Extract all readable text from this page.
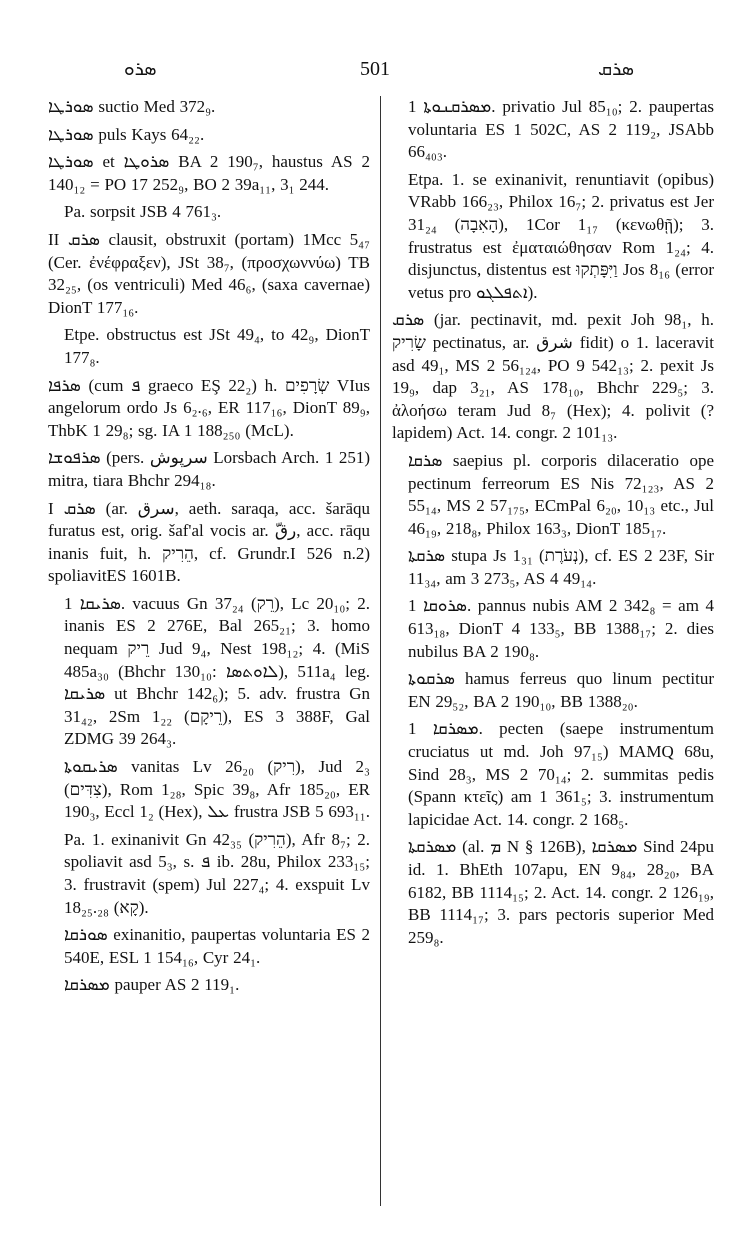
ܣܪܘ	501	ܣܪܩ

ܣܘܪܛܐ suctio Med 372₉.

ܣܘܪܛܐ puls Kays 64₂₂.

ܣܘܪܛܐ et ܣܪܘܛܐ BA 2 190₇, haustus AS 2 140₁₂ = PO 17 252₉, BO 2 39a₁₁, 3₁ 244.

Pa. sorpsit JSB 4 761₃.

II ܣܪܩ clausit, obstruxit (portam) 1Mcc 5₄₇ (Cer. ἐνέφραξεν), JSt 38₇, (προσχωννύω) TB 32₂₅, (os ventriculi) Med 46₆, (saxa cavernae) DionT 177₁₆.

Etpe. obstructus est JSt 49₄, to 42₉, DionT 177₈.

ܣܪܦܐ (cum ܦ graeco EŞ 22₂) h. שְׂרָפִים VIus angelorum ordo Js 6₂.₆, ER 117₁₆, DionT 89₉, ThbK 1 29₈; sg. IA 1 188₂₅₀ (McL).

ܣܪܦܘܫܐ (pers. سرپوش Lorsbach Arch. 1 251) mitra, tiara Bhchr 294₁₈.

I ܣܪܩ (ar. سرق, aeth. saraqa, acc. šarāqu furatus est, orig. šaf'al vocis ar. رقّ, acc. rāqu inanis fuit, h. הֵרִיק, cf. Grundr.I 526 n.2) spoliavitES 1601B.

ܣܪܝܩܐ 1. vacuus Gn 37₂₄ (רֵק), Lc 20₁₀; 2. inanis ES 2 276E, Bal 265₂₁; 3. homo nequam רֵיק Jud 9₄, Nest 198₁₂; 4. (MiS 485a₃₀ (Bhchr 130₁₀: ܠܐܘܬܣܐ), 511a₄ leg. ܣܪܝܩܐ ut Bhchr 142₆); 5. adv. frustra Gn 31₄₂, 2Sm 1₂₂ (רֵיקָם), ES 3 388F, Gal ZDMG 39 264₃.

ܣܪܝܩܘܬܐ vanitas Lv 26₂₀ (רִיק), Jud 2₃ (צִדִּים), Rom 1₂₈, Spic 39₈, Afr 185₂₀, ER 190₃, Eccl 1₂ (Hex), ܥܠ frustra JSB 5 693₁₁.

Pa. 1. exinanivit Gn 42₃₅ (הֵרִיק), Afr 8₇; 2. spoliavit asd 5₃, s. ܦ ib. 28u, Philox 233₁₅; 3. frustravit (spem) Jul 227₄; 4. exspuit Lv 18₂₅.₂₈ (קָא).

ܣܘܪܩܐ exinanitio, paupertas voluntaria ES 2 540E, ESL 1 154₁₆, Cyr 24₁.

ܡܣܪܩܐ pauper AS 2 119₁.

ܡܣܪܩܢܘܬܐ 1. privatio Jul 85₁₀; 2. paupertas voluntaria ES 1 502C, AS 2 119₂, JSAbb 66₄₀₃.

Etpa. 1. se exinanivit, renuntiavit (opibus) VRabb 166₂₃, Philox 16₇; 2. privatus est Jer 31₂₄ (הָאִבָה), 1Cor 1₁₇ (κενωθῇ); 3. frustratus est ἐματαιώθησαν Rom 1₂₄; 4. disjunctus, distentus est וַיִּפָּתְקוּ Jos 8₁₆ (error vetus pro ܐܬܦܠܓܘ).

ܣܪܩ (jar. pectinavit, md. pexit Joh 98₁, h. שָׂרִיק pectinatus, ar. شرق fidit) o 1. laceravit asd 49₁, MS 2 56₁₂₄, PO 9 542₁₃; 2. pexit Js 19₉, dap 3₂₁, AS 178₁₀, Bhchr 229₅; 3. ἀλοήσω teram Jud 8₇ (Hex); 4. polivit (? lapidem) Act. 14. congr. 2 101₁₃.

ܣܪܩܐ saepius pl. corporis dilaceratio ope pectinum ferreorum ES Nis 72₁₂₃, AS 2 55₁₄, MS 2 57₁₇₅, ECmPal 6₂₀, 10₁₃ etc., Jul 46₁₉, 218₈, Philox 163₃, DionT 185₁₇.

ܣܪܩܬܐ stupa Js 1₃₁ (נְעֹרֶת), cf. ES 2 23F, Sir 11₃₄, am 3 273₅, AS 4 49₁₄.

ܣܪܘܩܐ 1. pannus nubis AM 2 342₈ = am 4 613₁₈, DionT 4 133₅, BB 1388₁₇; 2. dies nubilus BA 2 190₈.

ܣܪܩܘܬܐ hamus ferreus quo linum pectitur EN 29₅₂, BA 2 190₁₀, BB 1388₂₀.

ܡܣܪܩܐ 1. pecten (saepe instrumentum cruciatus ut md. Joh 97₁₅) MAMQ 68u, Sind 28₃, MS 2 70₁₄; 2. summitas pedis (Spann κτεῖς) am 1 361₅; 3. instrumentum lapicidae Act. 14. congr. 2 168₅.

ܡܣܪܩܬܐ (al. ܡ N § 126B), ܡܣܪܩܐ Sind 24pu id. 1. BhEth 107apu, EN 9₈₄, 28₂₀, BA 6182, BB 1114₁₅; 2. Act. 14. congr. 2 126₁₉, BB 1114₁₇; 3. pars pectoris superior Med 259₈.
